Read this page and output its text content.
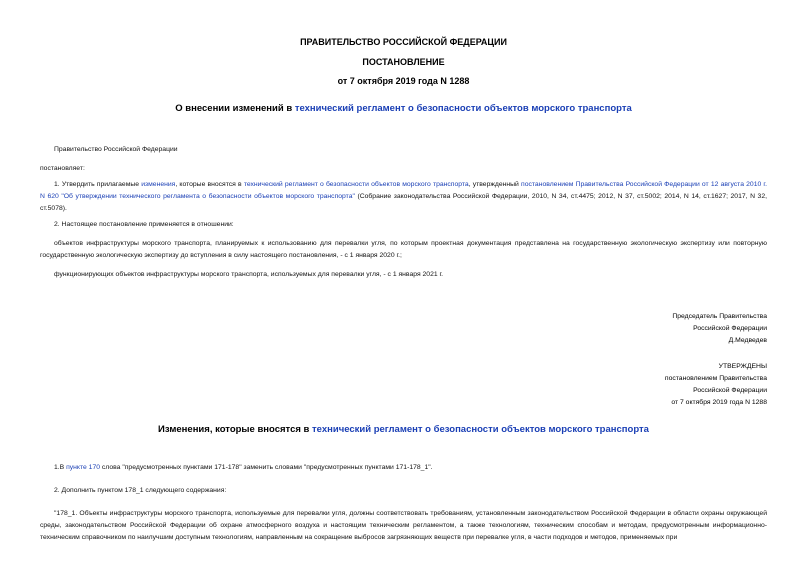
ПРАВИТЕЛЬСТВО РОССИЙСКОЙ ФЕДЕРАЦИИ
ПОСТАНОВЛЕНИЕ
от 7 октября 2019 года N 1288
О внесении изменений в технический регламент о безопасности объектов морского транспорта
Правительство Российской Федерации
постановляет:
1. Утвердить прилагаемые изменения, которые вносятся в технический регламент о безопасности объектов морского транспорта, утвержденный постановлением Правительства Российской Федерации от 12 августа 2010 г. N 620 "Об утверждении технического регламента о безопасности объектов морского транспорта" (Собрание законодательства Российской Федерации, 2010, N 34, ст.4475; 2012, N 37, ст.5002; 2014, N 14, ст.1627; 2017, N 32, ст.5078).
2. Настоящее постановление применяется в отношении:
объектов инфраструктуры морского транспорта, планируемых к использованию для перевалки угля, по которым проектная документация представлена на государственную экологическую экспертизу или повторную государственную экологическую экспертизу до вступления в силу настоящего постановления, - с 1 января 2020 г.;
функционирующих объектов инфраструктуры морского транспорта, используемых для перевалки угля, - с 1 января 2021 г.
Председатель Правительства
Российской Федерации
Д.Медведев
УТВЕРЖДЕНЫ
постановлением Правительства
Российской Федерации
от 7 октября 2019 года N 1288
Изменения, которые вносятся в технический регламент о безопасности объектов морского транспорта
1.В пункте 170 слова "предусмотренных пунктами 171-178" заменить словами "предусмотренных пунктами 171-178_1".
2. Дополнить пунктом 178_1 следующего содержания:
"178_1. Объекты инфраструктуры морского транспорта, используемые для перевалки угля, должны соответствовать требованиям, установленным законодательством Российской Федерации в области охраны окружающей среды, законодательством Российской Федерации об охране атмосферного воздуха и настоящим техническим регламентом, а также технологиям, техническим способам и методам, предусмотренным информационно-техническим справочником по наилучшим доступным технологиям, направленным на сокращение выбросов загрязняющих веществ при перевалке угля, в части подходов и методов, применяемых при
